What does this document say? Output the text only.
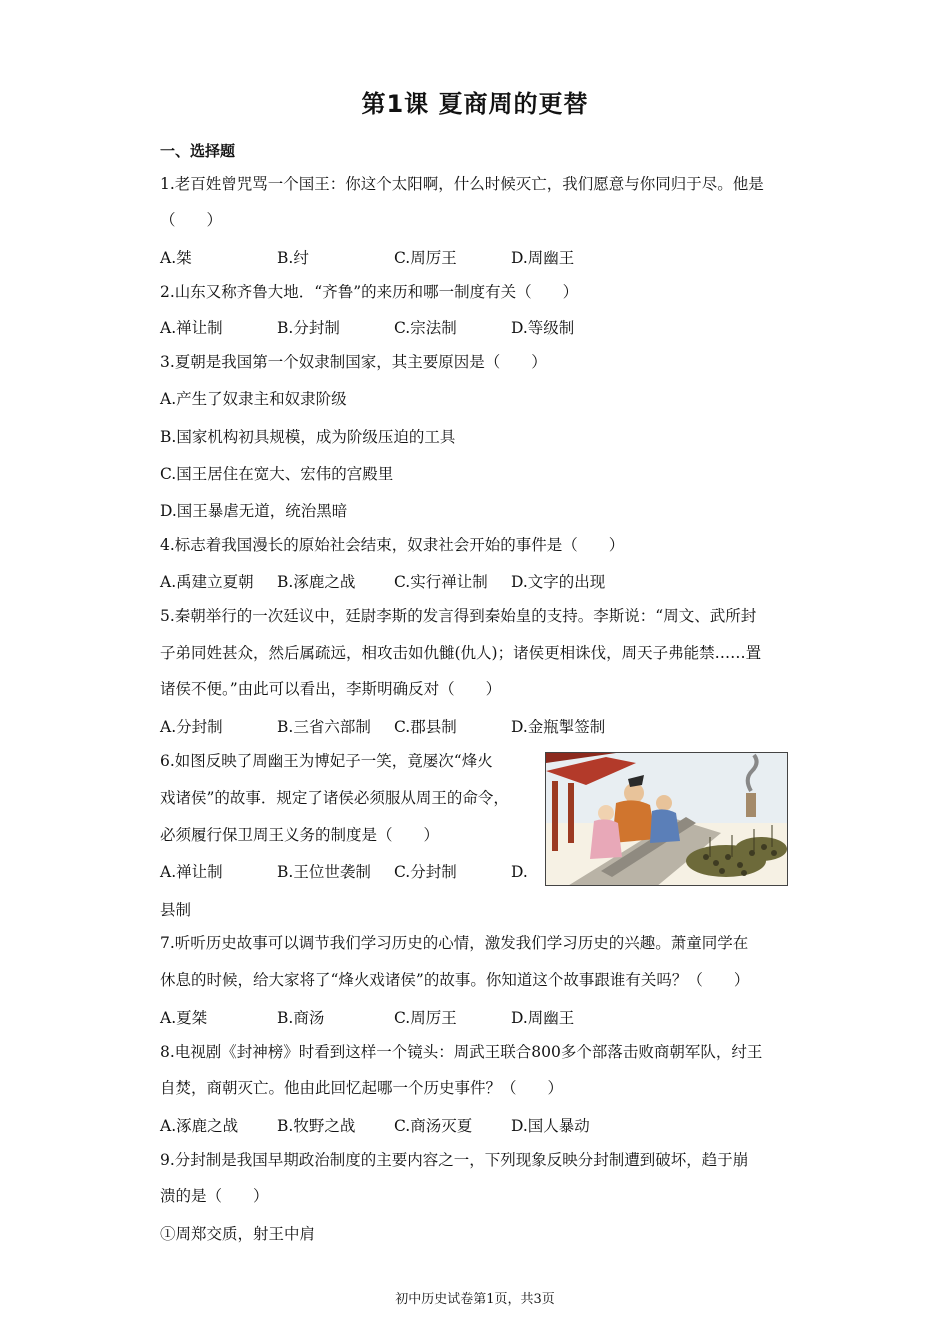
第1课 夏商周的更替
一、选择题
1.老百姓曾咒骂一个国王：你这个太阳啊，什么时候灭亡，我们愿意与你同归于尽。他是
（　　）
A.桀	B.纣	C.周厉王	D.周幽王
2.山东又称齐鲁大地．“齐鲁”的来历和哪一制度有关（　　）
A.禅让制	B.分封制	C.宗法制	D.等级制
3.夏朝是我国第一个奴隶制国家，其主要原因是（　　）
A.产生了奴隶主和奴隶阶级
B.国家机构初具规模，成为阶级压迫的工具
C.国王居住在宽大、宏伟的宫殿里
D.国王暴虐无道，统治黑暗
4.标志着我国漫长的原始社会结束，奴隶社会开始的事件是（　　）
A.禹建立夏朝 B.涿鹿之战 C.实行禅让制 D.文字的出现
5.秦朝举行的一次廷议中，廷尉李斯的发言得到秦始皇的支持。李斯说：“周文、武所封
子弟同姓甚众，然后属疏远，相攻击如仇雠(仇人)；诸侯更相诛伐，周天子弗能禁……置
诸侯不便。”由此可以看出，李斯明确反对（　　）
A.分封制	B.三省六部制 C.郡县制	D.金瓶掣签制
6.如图反映了周幽王为博妃子一笑，竟屡次“烽火
戏诸侯”的故事．规定了诸侯必须服从周王的命令，
必须履行保卫周王义务的制度是（　　）
A.禅让制	B.王位世袭制 C.分封制	D.
县制
7.听听历史故事可以调节我们学习历史的心情，激发我们学习历史的兴趣。萧童同学在
休息的时候，给大家将了“烽火戏诸侯”的故事。你知道这个故事跟谁有关吗？（　　）
A.夏桀	B.商汤	C.周厉王	D.周幽王
8.电视剧《封神榜》时看到这样一个镜头：周武王联合800多个部落击败商朝军队，纣王
自焚，商朝灭亡。他由此回忆起哪一个历史事件？（　　）
A.涿鹿之战	B.牧野之战 C.商汤灭夏	D.国人暴动
9.分封制是我国早期政治制度的主要内容之一，下列现象反映分封制遭到破坏，趋于崩
溃的是（　　）
①周郑交质，射王中肩
初中历史试卷第1页，共3页
